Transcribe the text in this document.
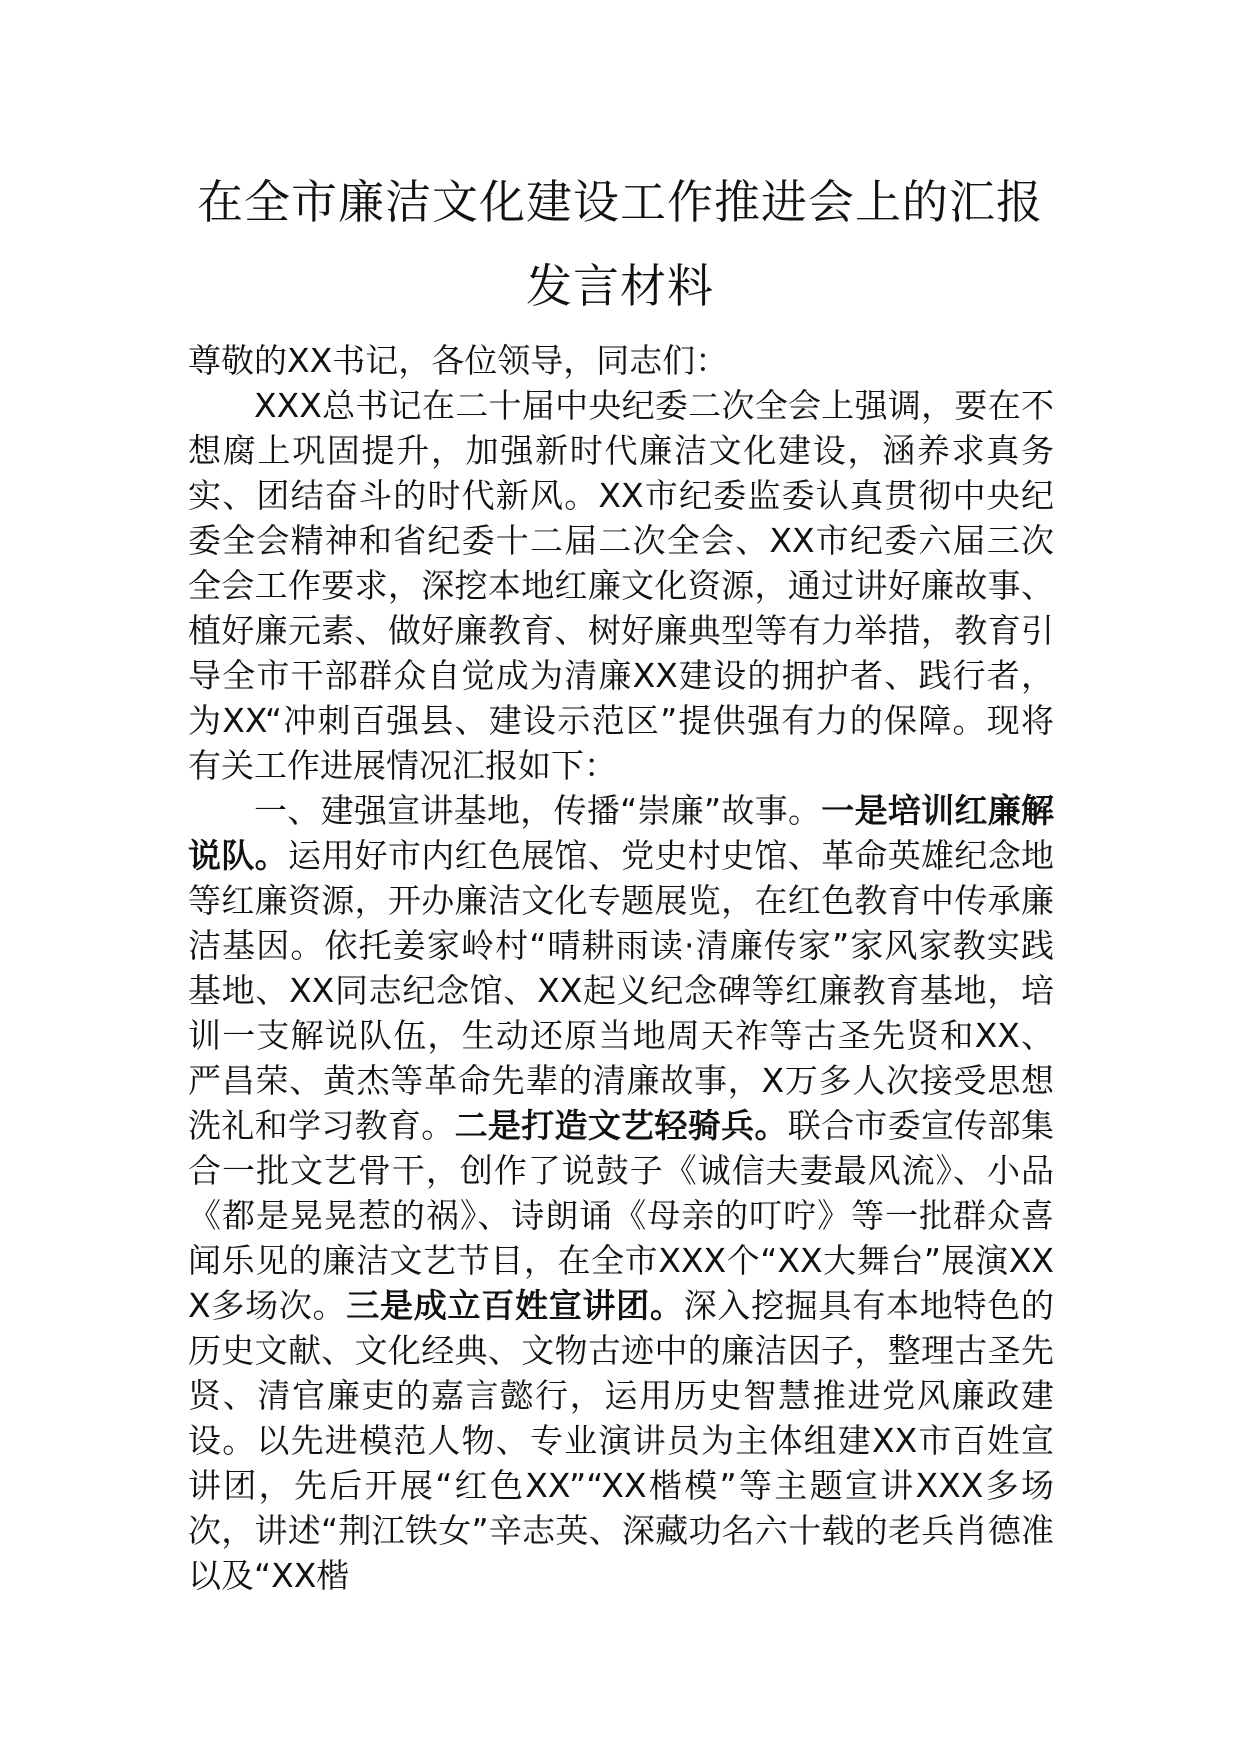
在全市廉洁文化建设工作推进会上的汇报
发言材料

尊敬的XX书记，各位领导，同志们：

XXX总书记在二十届中央纪委二次全会上强调，要在不想腐上巩固提升，加强新时代廉洁文化建设，涵养求真务实、团结奋斗的时代新风。XX市纪委监委认真贯彻中央纪委全会精神和省纪委十二届二次全会、XX市纪委六届三次全会工作要求，深挖本地红廉文化资源，通过讲好廉故事、植好廉元素、做好廉教育、树好廉典型等有力举措，教育引导全市干部群众自觉成为清廉XX建设的拥护者、践行者，为XX“冲刺百强县、建设示范区”提供强有力的保障。现将有关工作进展情况汇报如下：

一、建强宣讲基地，传播“崇廉”故事。一是培训红廉解说队。运用好市内红色展馆、党史村史馆、革命英雄纪念地等红廉资源，开办廉洁文化专题展览，在红色教育中传承廉洁基因。依托姜家岭村“晴耕雨读·清廉传家”家风家教实践基地、XX同志纪念馆、XX起义纪念碑等红廉教育基地，培训一支解说队伍，生动还原当地周天祚等古圣先贤和XX、严昌荣、黄杰等革命先辈的清廉故事，X万多人次接受思想洗礼和学习教育。二是打造文艺轻骑兵。联合市委宣传部集合一批文艺骨干，创作了说鼓子《诚信夫妻最风流》、小品《都是晃晃惹的祸》、诗朗诵《母亲的叮咛》等一批群众喜闻乐见的廉洁文艺节目，在全市XXX个“XX大舞台”展演XXX多场次。三是成立百姓宣讲团。深入挖掘具有本地特色的历史文献、文化经典、文物古迹中的廉洁因子，整理古圣先贤、清官廉吏的嘉言懿行，运用历史智慧推进党风廉政建设。以先进模范人物、专业演讲员为主体组建XX市百姓宣讲团，先后开展“红色XX”“XX楷模”等主题宣讲XXX多场次，讲述“荆江铁女”辛志英、深藏功名六十载的老兵肖德准以及“XX楷
